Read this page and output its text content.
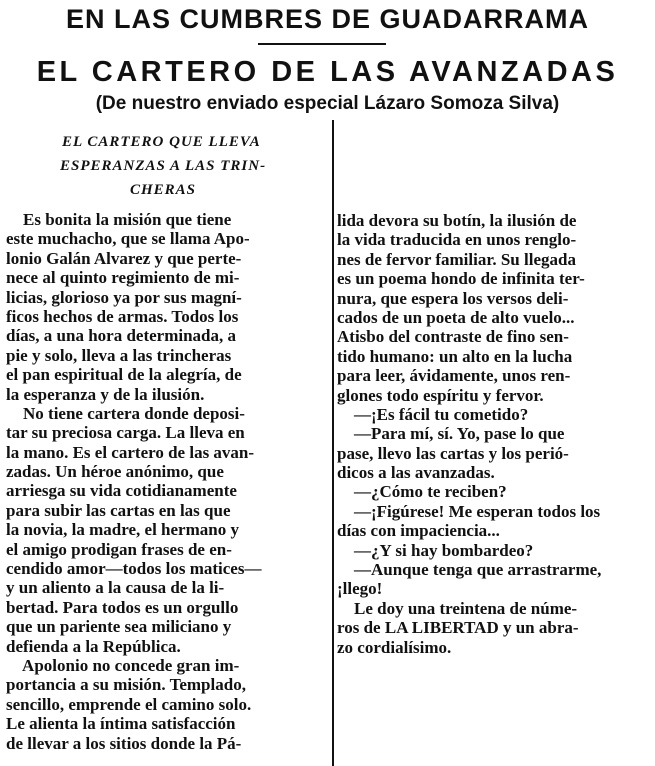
EN LAS CUMBRES DE GUADARRAMA
EL CARTERO DE LAS AVANZADAS
(De nuestro enviado especial Lázaro Somoza Silva)
EL CARTERO QUE LLEVA
ESPERANZAS A LAS TRIN-
CHERAS
Es bonita la misión que tiene
este muchacho, que se llama Apo-
lonio Galán Alvarez y que perte-
nece al quinto regimiento de mi-
licias, glorioso ya por sus magní-
ficos hechos de armas. Todos los
días, a una hora determinada, a
pie y solo, lleva a las trincheras
el pan espiritual de la alegría, de
la esperanza y de la ilusión.
No tiene cartera donde deposi-
tar su preciosa carga. La lleva en
la mano. Es el cartero de las avan-
zadas. Un héroe anónimo, que
arriesga su vida cotidianamente
para subir las cartas en las que
la novia, la madre, el hermano y
el amigo prodigan frases de en-
cendido amor—todos los matices—
y un aliento a la causa de la li-
bertad. Para todos es un orgullo
que un pariente sea miliciano y
defienda a la República.
Apolonio no concede gran im-
portancia a su misión. Templado,
sencillo, emprende el camino solo.
Le alienta la íntima satisfacción
de llevar a los sitios donde la Pá-
lida devora su botín, la ilusión de
la vida traducida en unos renglo-
nes de fervor familiar. Su llegada
es un poema hondo de infinita ter-
nura, que espera los versos deli-
cados de un poeta de alto vuelo...
Atisbo del contraste de fino sen-
tido humano: un alto en la lucha
para leer, ávidamente, unos ren-
glones todo espíritu y fervor.
—¡Es fácil tu cometido?
—Para mí, sí. Yo, pase lo que
pase, llevo las cartas y los perió-
dicos a las avanzadas.
—¿Cómo te reciben?
—¡Figúrese! Me esperan todos los
días con impaciencia...
—¿Y si hay bombardeo?
—Aunque tenga que arrastrarme,
¡llego!
Le doy una treintena de núme-
ros de LA LIBERTAD y un abra-
zo cordialísimo.
